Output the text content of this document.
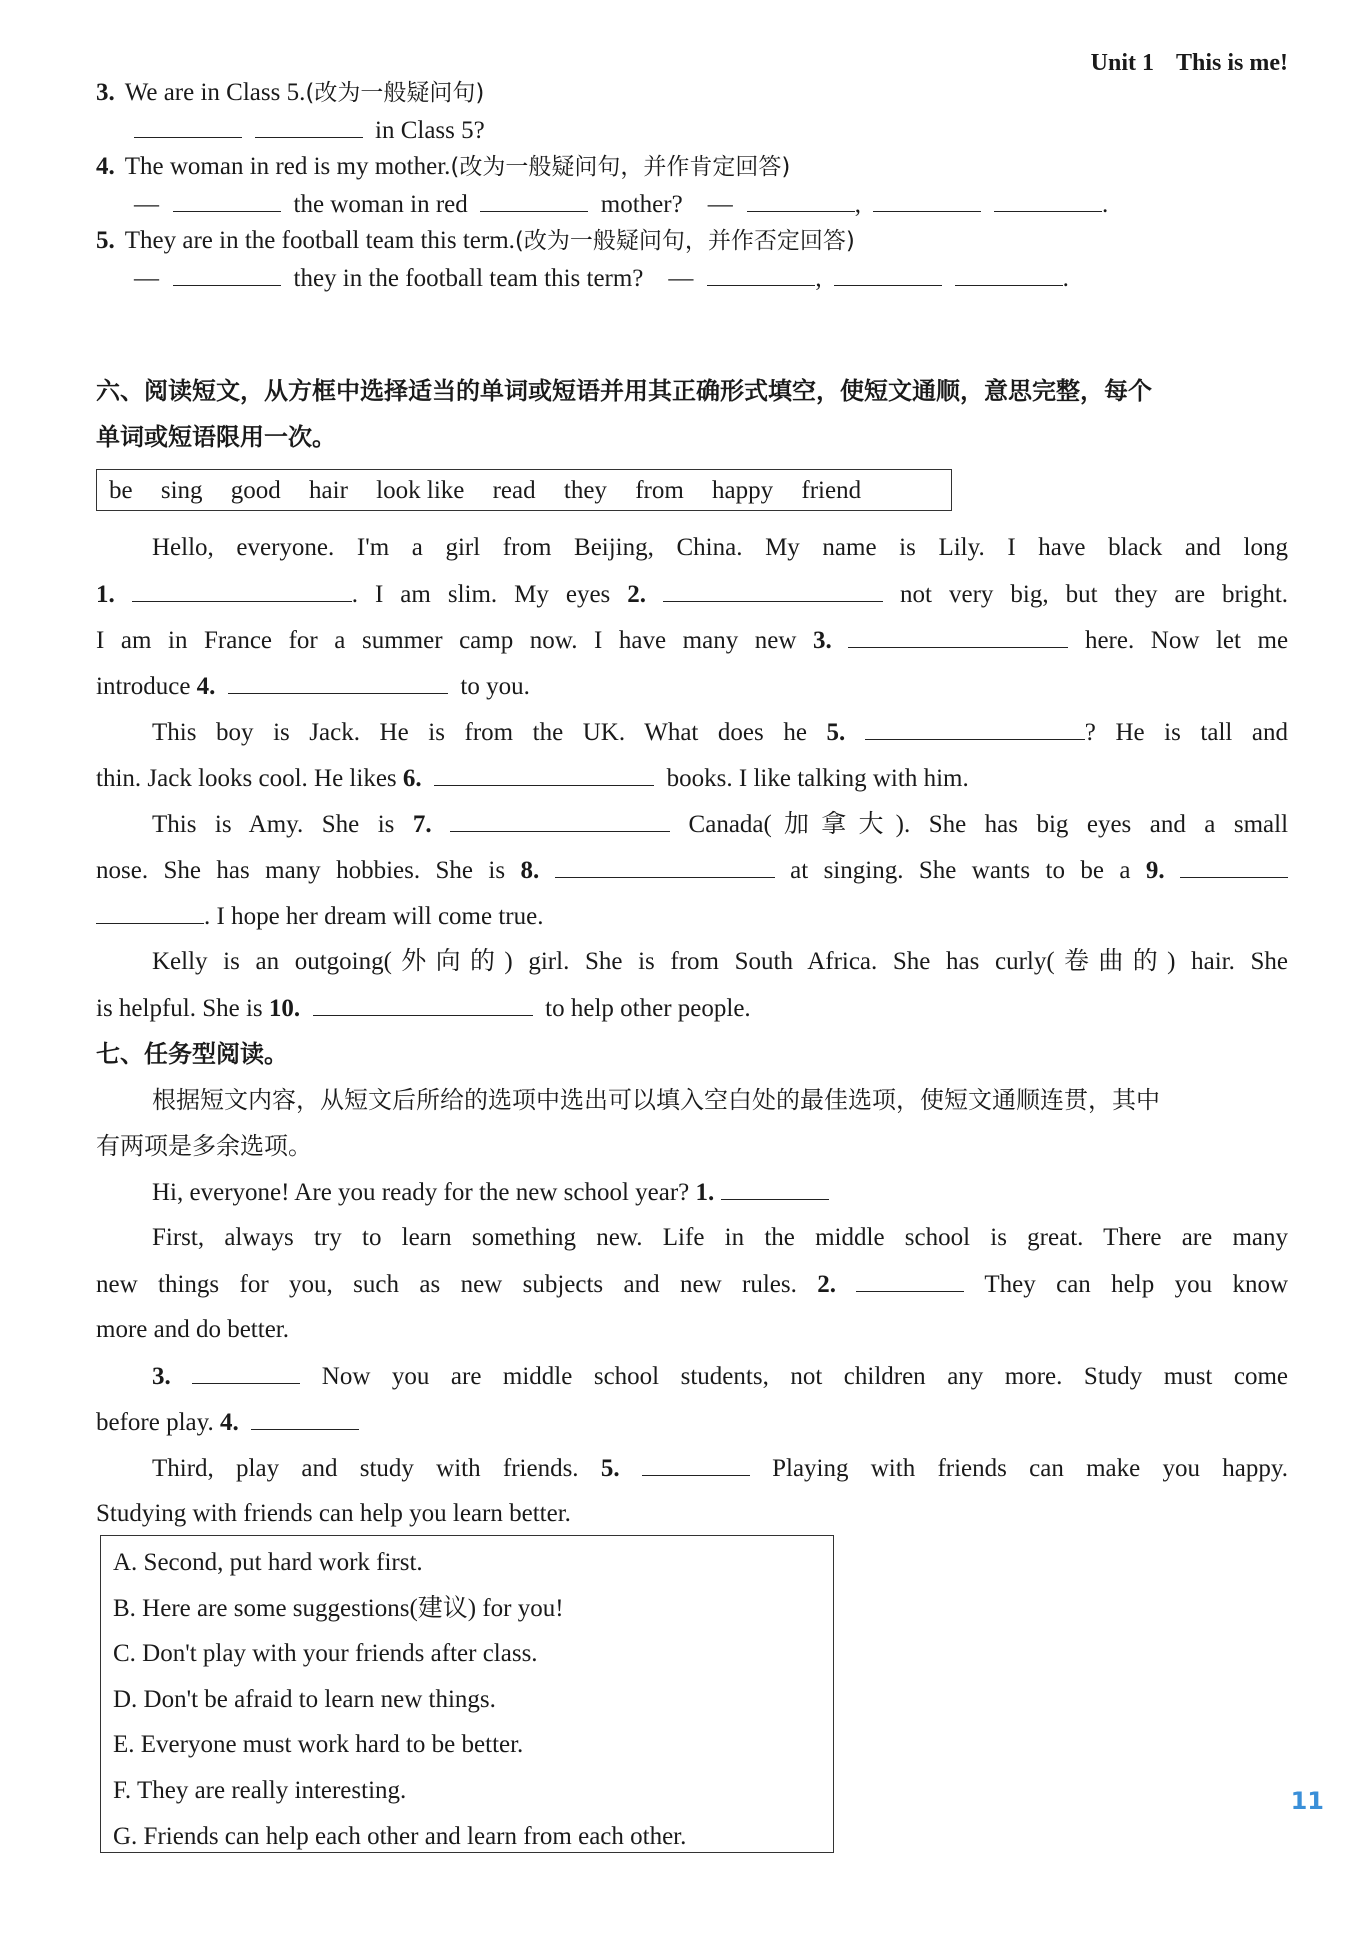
Unit 1 This is me!
3. We are in Class 5.(改为一般疑问句)
in Class 5?
4. The woman in red is my mother.(改为一般疑问句，并作肯定回答)
—	the woman in red	mother? —	,	.
5. They are in the football team this term.(改为一般疑问句，并作否定回答)
—	they in the football team this term? —	,	.
六、阅读短文，从方框中选择适当的单词或短语并用其正确形式填空，使短文通顺，意思完整，每个
单词或短语限用一次。
be sing good hair look like read they from happy friend
Hello, everyone. I'm a girl from Beijing, China. My name is Lily. I have black and long
1.	. I am slim. My eyes 2.	not very big, but they are bright.
I am in France for a summer camp now. I have many new 3.	here. Now let me
introduce 4.	to you.
This boy is Jack. He is from the UK. What does he 5.	? He is tall and
thin. Jack looks cool. He likes 6.	books. I like talking with him.
This is Amy. She is 7.	Canada(加拿大). She has big eyes and a small
nose. She has many hobbies. She is 8.	at singing. She wants to be a 9.
. I hope her dream will come true.
Kelly is an outgoing(外向的) girl. She is from South Africa. She has curly(卷曲的) hair. She
is helpful. She is 10.	to help other people.
七、任务型阅读。
根据短文内容，从短文后所给的选项中选出可以填入空白处的最佳选项，使短文通顺连贯，其中
有两项是多余选项。
Hi, everyone! Are you ready for the new school year? 1.
First, always try to learn something new. Life in the middle school is great. There are many
new things for you, such as new subjects and new rules. 2.	They can help you know
more and do better.
3.	Now you are middle school students, not children any more. Study must come
before play. 4.
Third, play and study with friends. 5.	Playing with friends can make you happy.
Studying with friends can help you learn better.
A. Second, put hard work first.
B. Here are some suggestions(建议) for you!
C. Don't play with your friends after class.
D. Don't be afraid to learn new things.
E. Everyone must work hard to be better.
F. They are really interesting.
G. Friends can help each other and learn from each other.
11
